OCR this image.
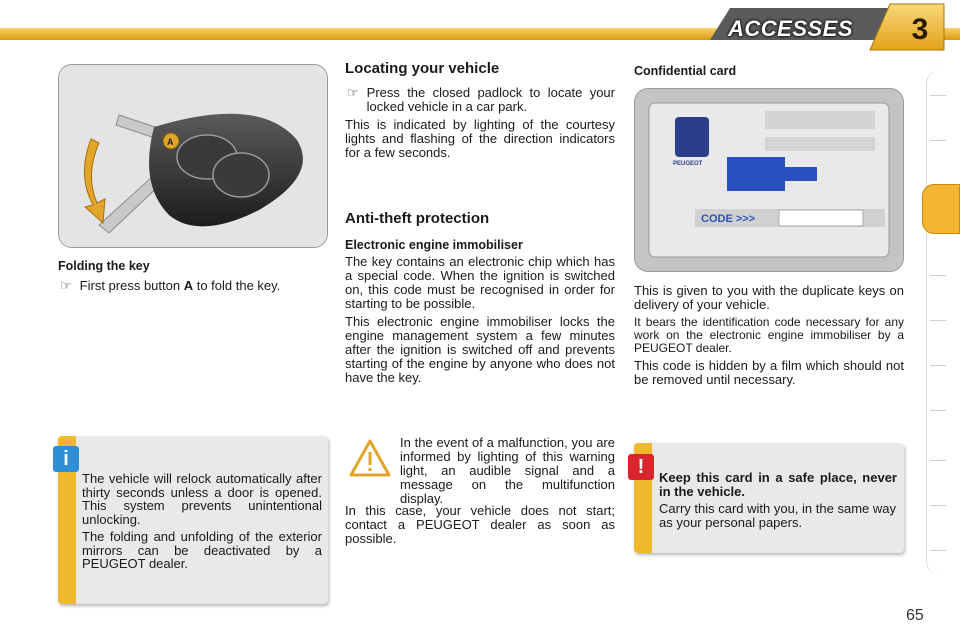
ACCESSES	3
A
Folding the key
☞ First press button A to fold the key.

The vehicle will relock automatically after thirty seconds unless a door is opened. This system prevents unintentional unlocking.

The folding and unfolding of the exterior mirrors can be deactivated by a PEUGEOT dealer.

i
Locating your vehicle
☞ Press the closed padlock to locate your locked vehicle in a car park.

This is indicated by lighting of the courtesy lights and flashing of the direction indicators for a few seconds.

Anti-theft protection
Electronic engine immobiliser

The key contains an electronic chip which has a special code. When the ignition is switched on, this code must be recognised in order for starting to be possible.

This electronic engine immobiliser locks the engine management system a few minutes after the ignition is switched off and prevents starting of the engine by anyone who does not have the key.

In the event of a malfunction, you are informed by lighting of this warning light, an audible signal and a message on the multifunction display.

In this case, your vehicle does not start; contact a PEUGEOT dealer as soon as possible.

Confidential card
PEUGEOT
CODE >>>

This is given to you with the duplicate keys on delivery of your vehicle.

It bears the identification code necessary for any work on the electronic engine immobiliser by a PEUGEOT dealer.

This code is hidden by a film which should not be removed until necessary.

Keep this card in a safe place, never in the vehicle.

Carry this card with you, in the same way as your personal papers.

!
65
